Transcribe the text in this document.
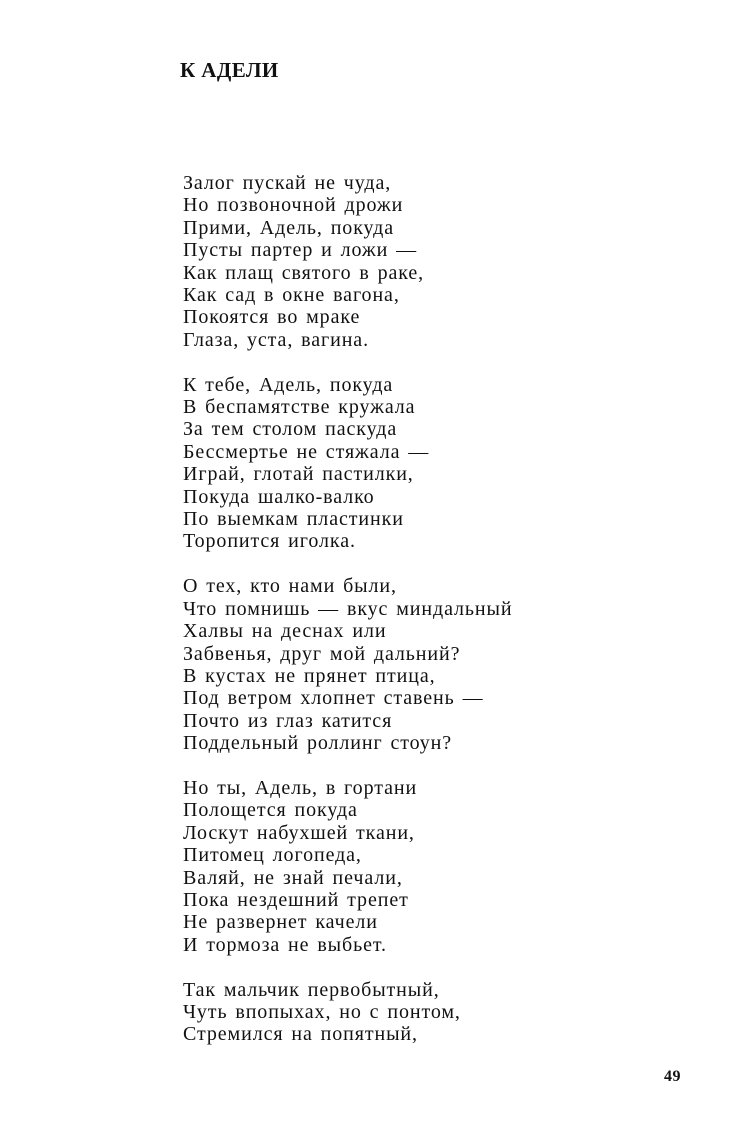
К АДЕЛИ
Залог пускай не чуда,
Но позвоночной дрожи
Прими, Адель, покуда
Пусты партер и ложи —
Как плащ святого в раке,
Как сад в окне вагона,
Покоятся во мраке
Глаза, уста, вагина.
К тебе, Адель, покуда
В беспамятстве кружала
За тем столом паскуда
Бессмертье не стяжала —
Играй, глотай пастилки,
Покуда шалко-валко
По выемкам пластинки
Торопится иголка.
О тех, кто нами были,
Что помнишь — вкус миндальный
Халвы на деснах или
Забвенья, друг мой дальний?
В кустах не прянет птица,
Под ветром хлопнет ставень —
Почто из глаз катится
Поддельный роллинг стоун?
Но ты, Адель, в гортани
Полощется покуда
Лоскут набухшей ткани,
Питомец логопеда,
Валяй, не знай печали,
Пока нездешний трепет
Не развернет качели
И тормоза не выбьет.
Так мальчик первобытный,
Чуть впопыхах, но с понтом,
Стремился на попятный,
49
